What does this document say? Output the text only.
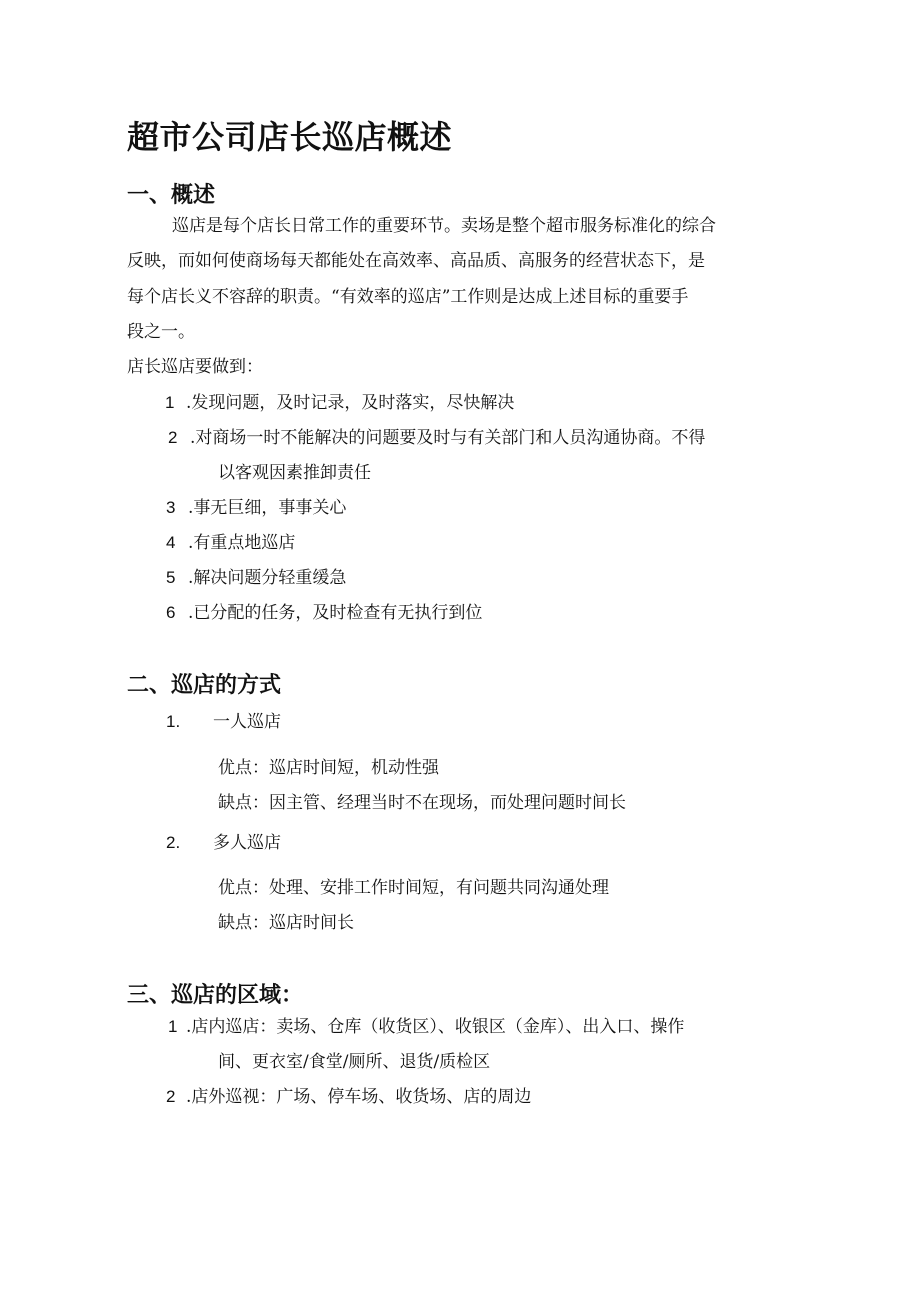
超市公司店长巡店概述
一、概述
巡店是每个店长日常工作的重要环节。卖场是整个超市服务标准化的综合
反映，而如何使商场每天都能处在高效率、高品质、高服务的经营状态下，是
每个店长义不容辞的职责。“有效率的巡店”工作则是达成上述目标的重要手
段之一。
店长巡店要做到：
1 .发现问题，及时记录，及时落实，尽快解决
2 .对商场一时不能解决的问题要及时与有关部门和人员沟通协商。不得
以客观因素推卸责任
3 .事无巨细，事事关心
4 .有重点地巡店
5 .解决问题分轻重缓急
6 .已分配的任务，及时检查有无执行到位
二、巡店的方式
1. 一人巡店
优点：巡店时间短，机动性强
缺点：因主管、经理当时不在现场，而处理问题时间长
2. 多人巡店
优点：处理、安排工作时间短，有问题共同沟通处理
缺点：巡店时间长
三、巡店的区域：
1 .店内巡店：卖场、仓库（收货区）、收银区（金库）、出入口、操作
间、更衣室/食堂/厕所、退货/质检区
2 .店外巡视：广场、停车场、收货场、店的周边
